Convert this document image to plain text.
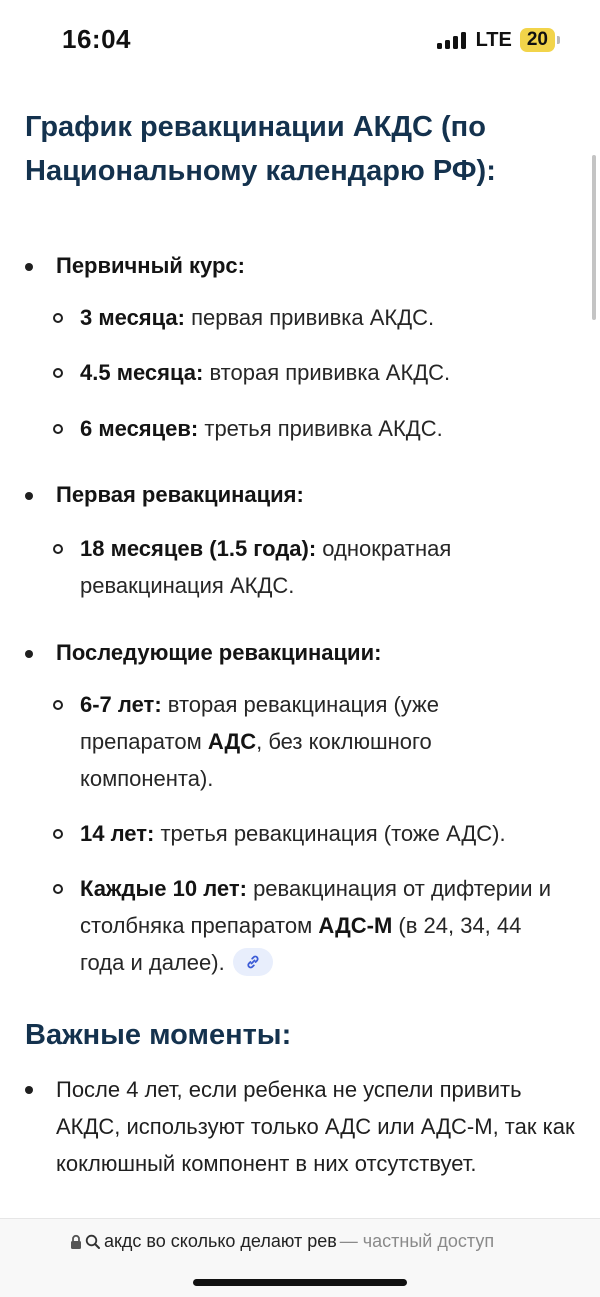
16:04	LTE 20
График ревакцинации АКДС (по Национальному календарю РФ):
Первичный курс:
3 месяца: первая прививка АКДС.
4.5 месяца: вторая прививка АКДС.
6 месяцев: третья прививка АКДС.
Первая ревакцинация:
18 месяцев (1.5 года): однократная ревакцинация АКДС.
Последующие ревакцинации:
6-7 лет: вторая ревакцинация (уже препаратом АДС, без коклюшного компонента).
14 лет: третья ревакцинация (тоже АДС).
Каждые 10 лет: ревакцинация от дифтерии и столбняка препаратом АДС-М (в 24, 34, 44 года и далее).
Важные моменты:
После 4 лет, если ребенка не успели привить АКДС, используют только АДС или АДС-М, так как коклюшный компонент в них отсутствует.
акдс во сколько делают рев — частный доступ
